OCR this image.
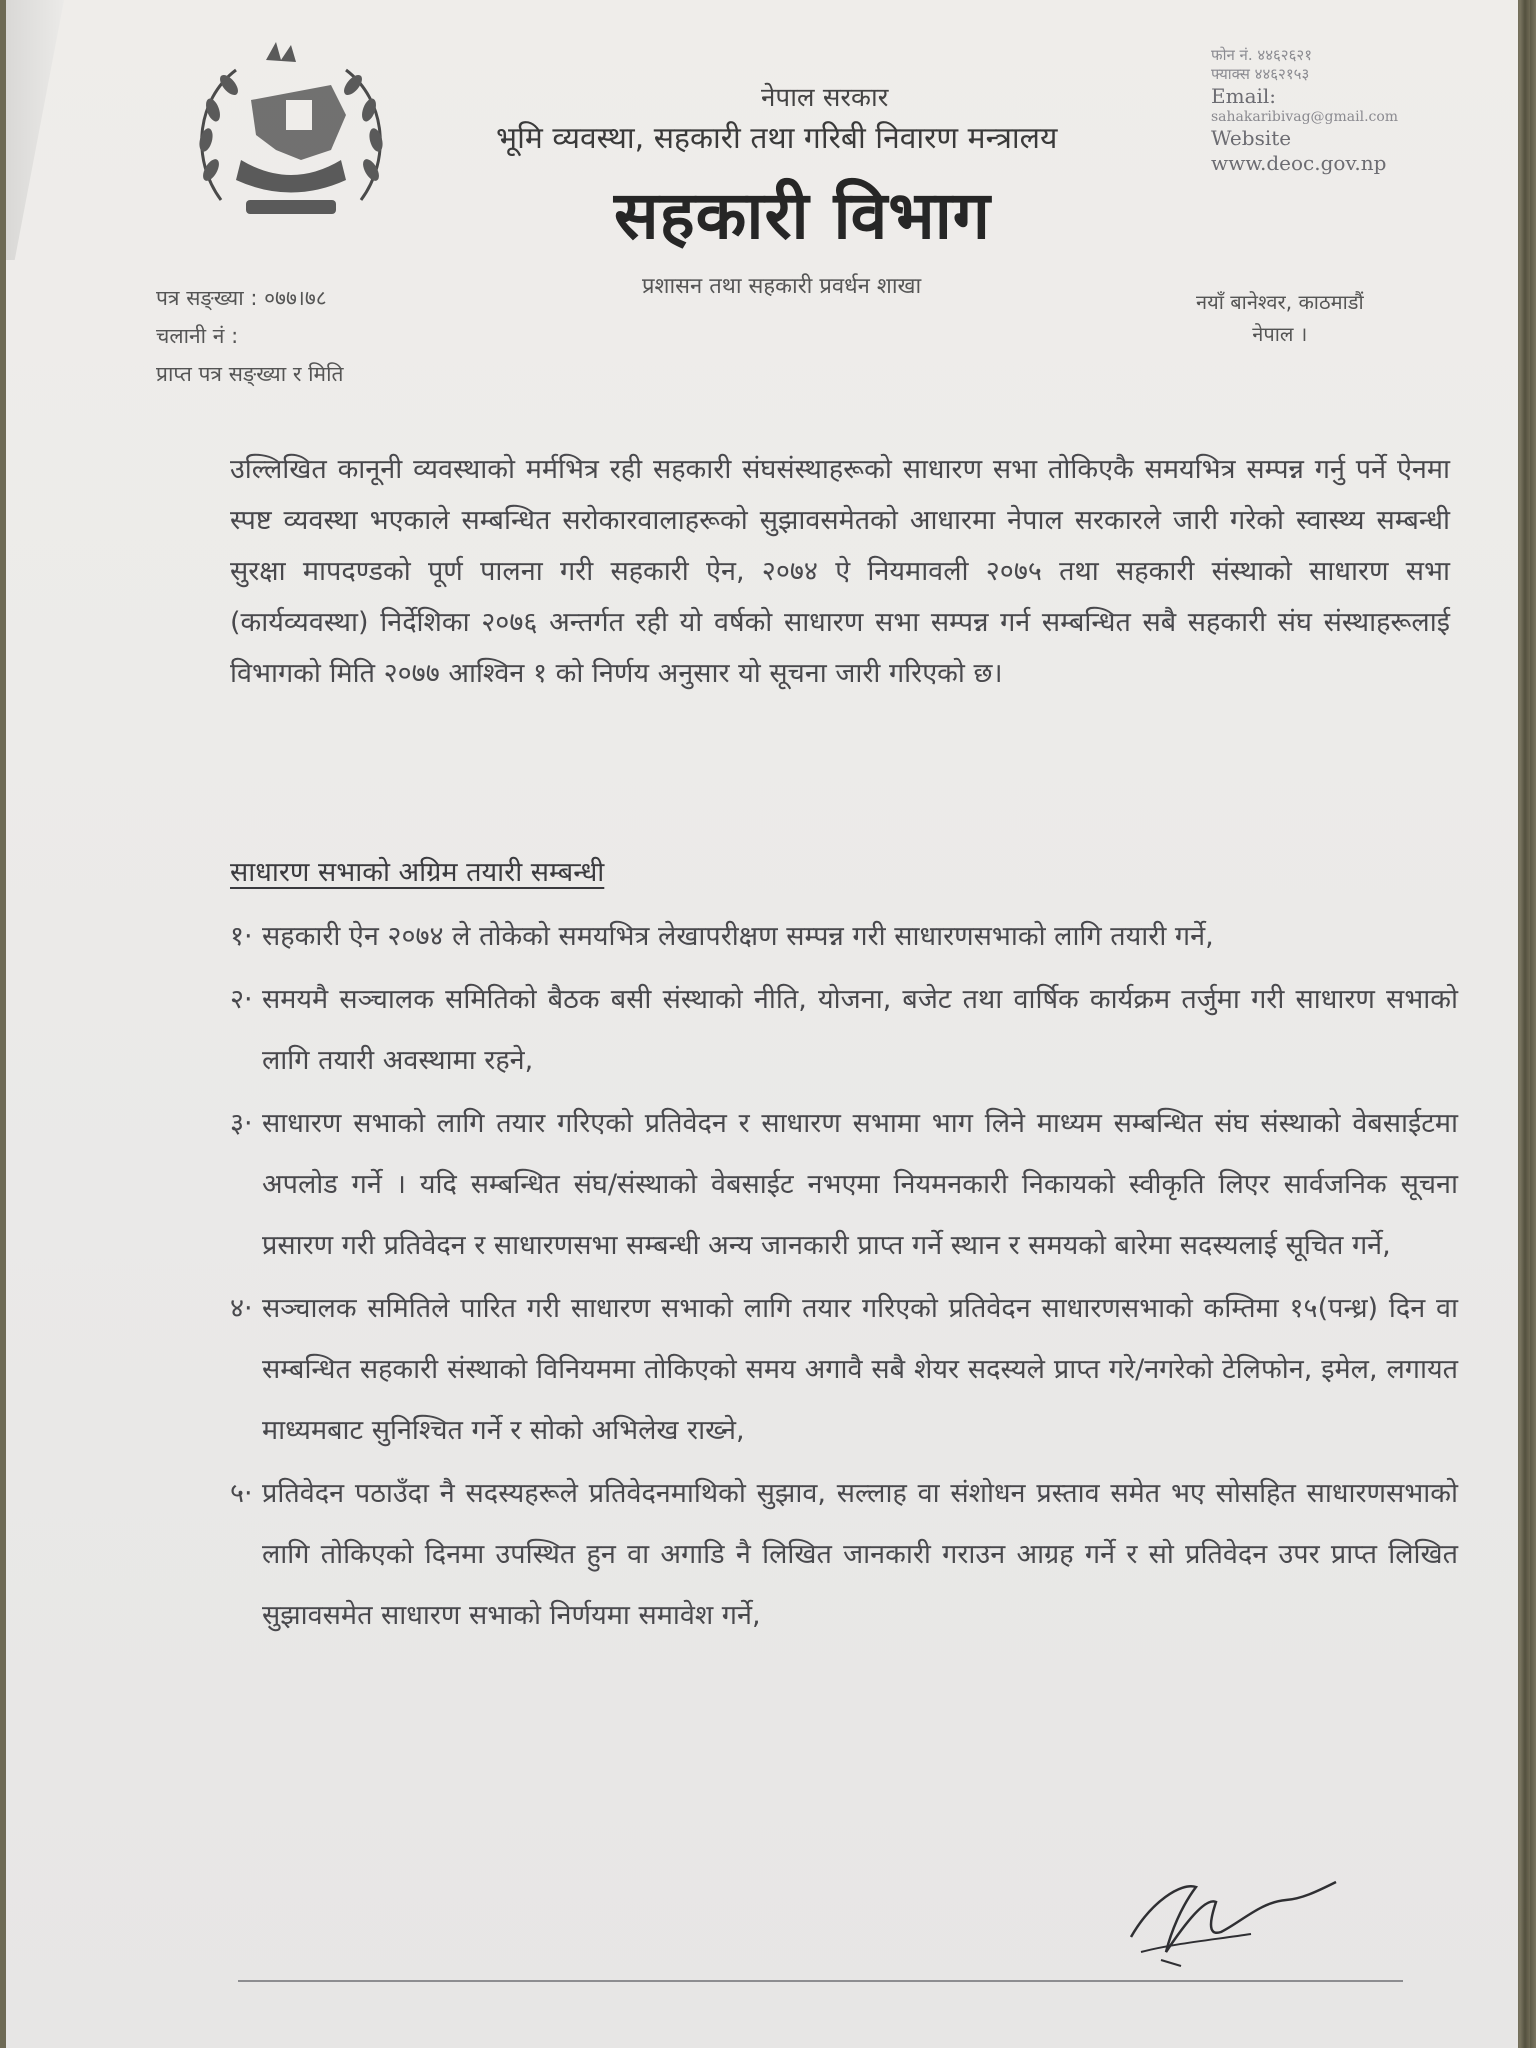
नेपाल सरकार
भूमि व्यवस्था, सहकारी तथा गरिबी निवारण मन्त्रालय
सहकारी विभाग
प्रशासन तथा सहकारी प्रवर्धन शाखा
फोन नं. ४४६२६२१
फ्याक्स ४४६२१५३
Email:
sahakaribivag@gmail.com
Website
www.deoc.gov.np
नयाँ बानेश्वर, काठमाडौं
नेपाल ।
पत्र सङ्ख्या : ०७७।७८
चलानी नं :
प्राप्त पत्र सङ्ख्या र मिति
उल्लिखित कानूनी व्यवस्थाको मर्मभित्र रही सहकारी संघसंस्थाहरूको साधारण सभा तोकिएकै समयभित्र सम्पन्न गर्नु पर्ने ऐनमा स्पष्ट व्यवस्था भएकाले सम्बन्धित सरोकारवालाहरूको सुझावसमेतको आधारमा नेपाल सरकारले जारी गरेको स्वास्थ्य सम्बन्धी सुरक्षा मापदण्डको पूर्ण पालना गरी सहकारी ऐन, २०७४ ऐ नियमावली २०७५ तथा सहकारी संस्थाको साधारण सभा (कार्यव्यवस्था) निर्देशिका २०७६ अन्तर्गत रही यो वर्षको साधारण सभा सम्पन्न गर्न सम्बन्धित सबै सहकारी संघ संस्थाहरूलाई विभागको मिति २०७७ आश्विन १ को निर्णय अनुसार यो सूचना जारी गरिएको छ।
साधारण सभाको अग्रिम तयारी सम्बन्धी
१· सहकारी ऐन २०७४ ले तोकेको समयभित्र लेखापरीक्षण सम्पन्न गरी साधारणसभाको लागि तयारी गर्ने,
२· समयमै सञ्चालक समितिको बैठक बसी संस्थाको नीति, योजना, बजेट तथा वार्षिक कार्यक्रम तर्जुमा गरी साधारण सभाको लागि तयारी अवस्थामा रहने,
३· साधारण सभाको लागि तयार गरिएको प्रतिवेदन र साधारण सभामा भाग लिने माध्यम सम्बन्धित संघ संस्थाको वेबसाईटमा अपलोड गर्ने । यदि सम्बन्धित संघ/संस्थाको वेबसाईट नभएमा नियमनकारी निकायको स्वीकृति लिएर सार्वजनिक सूचना प्रसारण गरी प्रतिवेदन र साधारणसभा सम्बन्धी अन्य जानकारी प्राप्त गर्ने स्थान र समयको बारेमा सदस्यलाई सूचित गर्ने,
४· सञ्चालक समितिले पारित गरी साधारण सभाको लागि तयार गरिएको प्रतिवेदन साधारणसभाको कम्तिमा १५(पन्ध्र) दिन वा सम्बन्धित सहकारी संस्थाको विनियममा तोकिएको समय अगावै सबै शेयर सदस्यले प्राप्त गरे/नगरेको टेलिफोन, इमेल, लगायत माध्यमबाट सुनिश्चित गर्ने र सोको अभिलेख राख्ने,
५· प्रतिवेदन पठाउँदा नै सदस्यहरूले प्रतिवेदनमाथिको सुझाव, सल्लाह वा संशोधन प्रस्ताव समेत भए सोसहित साधारणसभाको लागि तोकिएको दिनमा उपस्थित हुन वा अगाडि नै लिखित जानकारी गराउन आग्रह गर्ने र सो प्रतिवेदन उपर प्राप्त लिखित सुझावसमेत साधारण सभाको निर्णयमा समावेश गर्ने,
